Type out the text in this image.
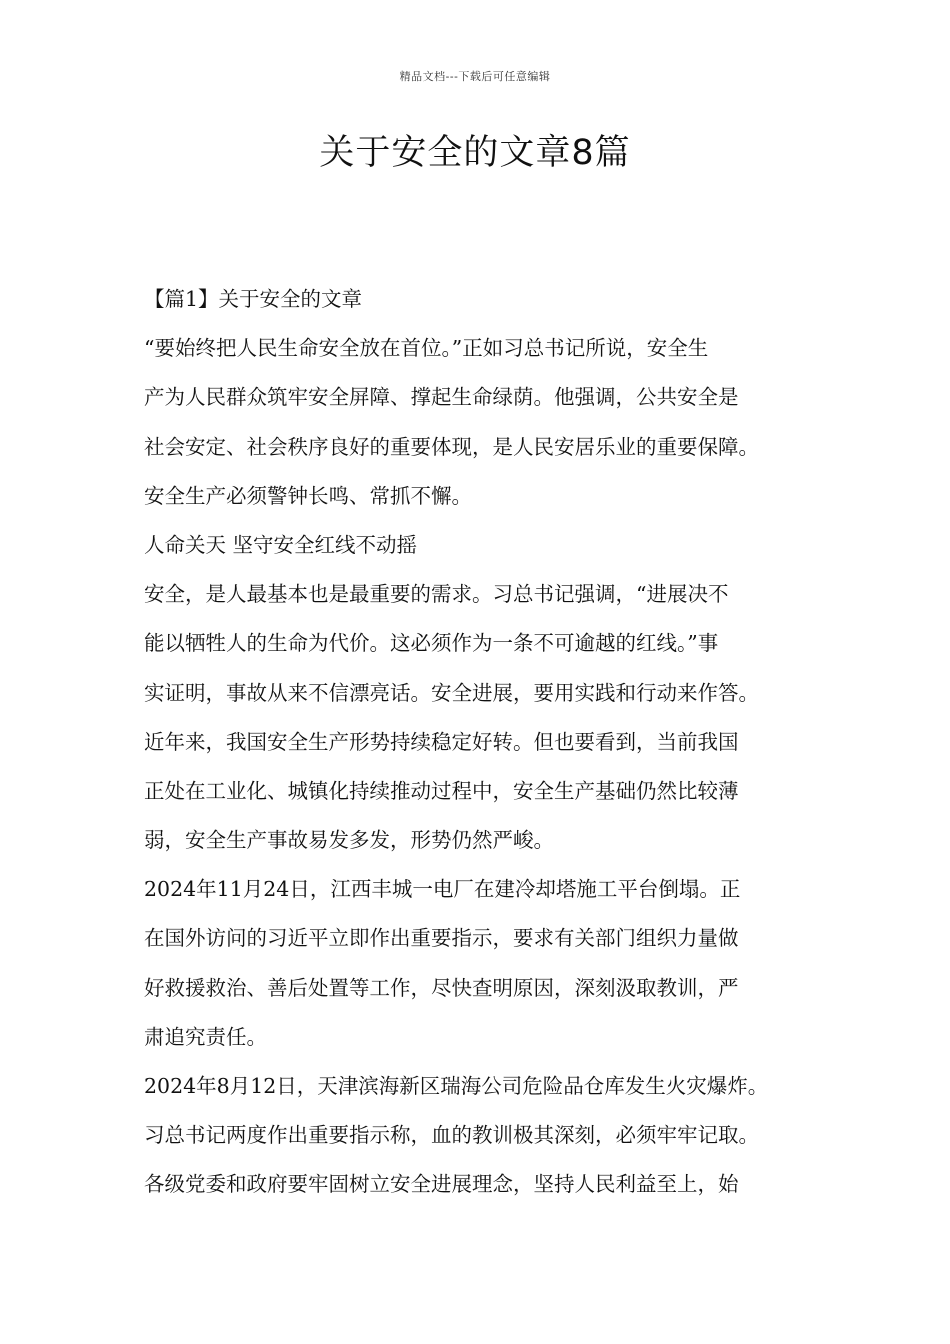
精品文档---下载后可任意编辑
关于安全的文章8篇
【篇1】关于安全的文章
“要始终把人民生命安全放在首位。”正如习总书记所说，安全生
产为人民群众筑牢安全屏障、撑起生命绿荫。他强调，公共安全是
社会安定、社会秩序良好的重要体现，是人民安居乐业的重要保障。
安全生产必须警钟长鸣、常抓不懈。
人命关天 坚守安全红线不动摇
安全，是人最基本也是最重要的需求。习总书记强调，“进展决不
能以牺牲人的生命为代价。这必须作为一条不可逾越的红线。”事
实证明，事故从来不信漂亮话。安全进展，要用实践和行动来作答。
近年来，我国安全生产形势持续稳定好转。但也要看到，当前我国
正处在工业化、城镇化持续推动过程中，安全生产基础仍然比较薄
弱，安全生产事故易发多发，形势仍然严峻。
2024年11月24日，江西丰城一电厂在建冷却塔施工平台倒塌。正
在国外访问的习近平立即作出重要指示，要求有关部门组织力量做
好救援救治、善后处置等工作，尽快查明原因，深刻汲取教训，严
肃追究责任。
2024年8月12日，天津滨海新区瑞海公司危险品仓库发生火灾爆炸。
习总书记两度作出重要指示称，血的教训极其深刻，必须牢牢记取。
各级党委和政府要牢固树立安全进展理念，坚持人民利益至上，始
